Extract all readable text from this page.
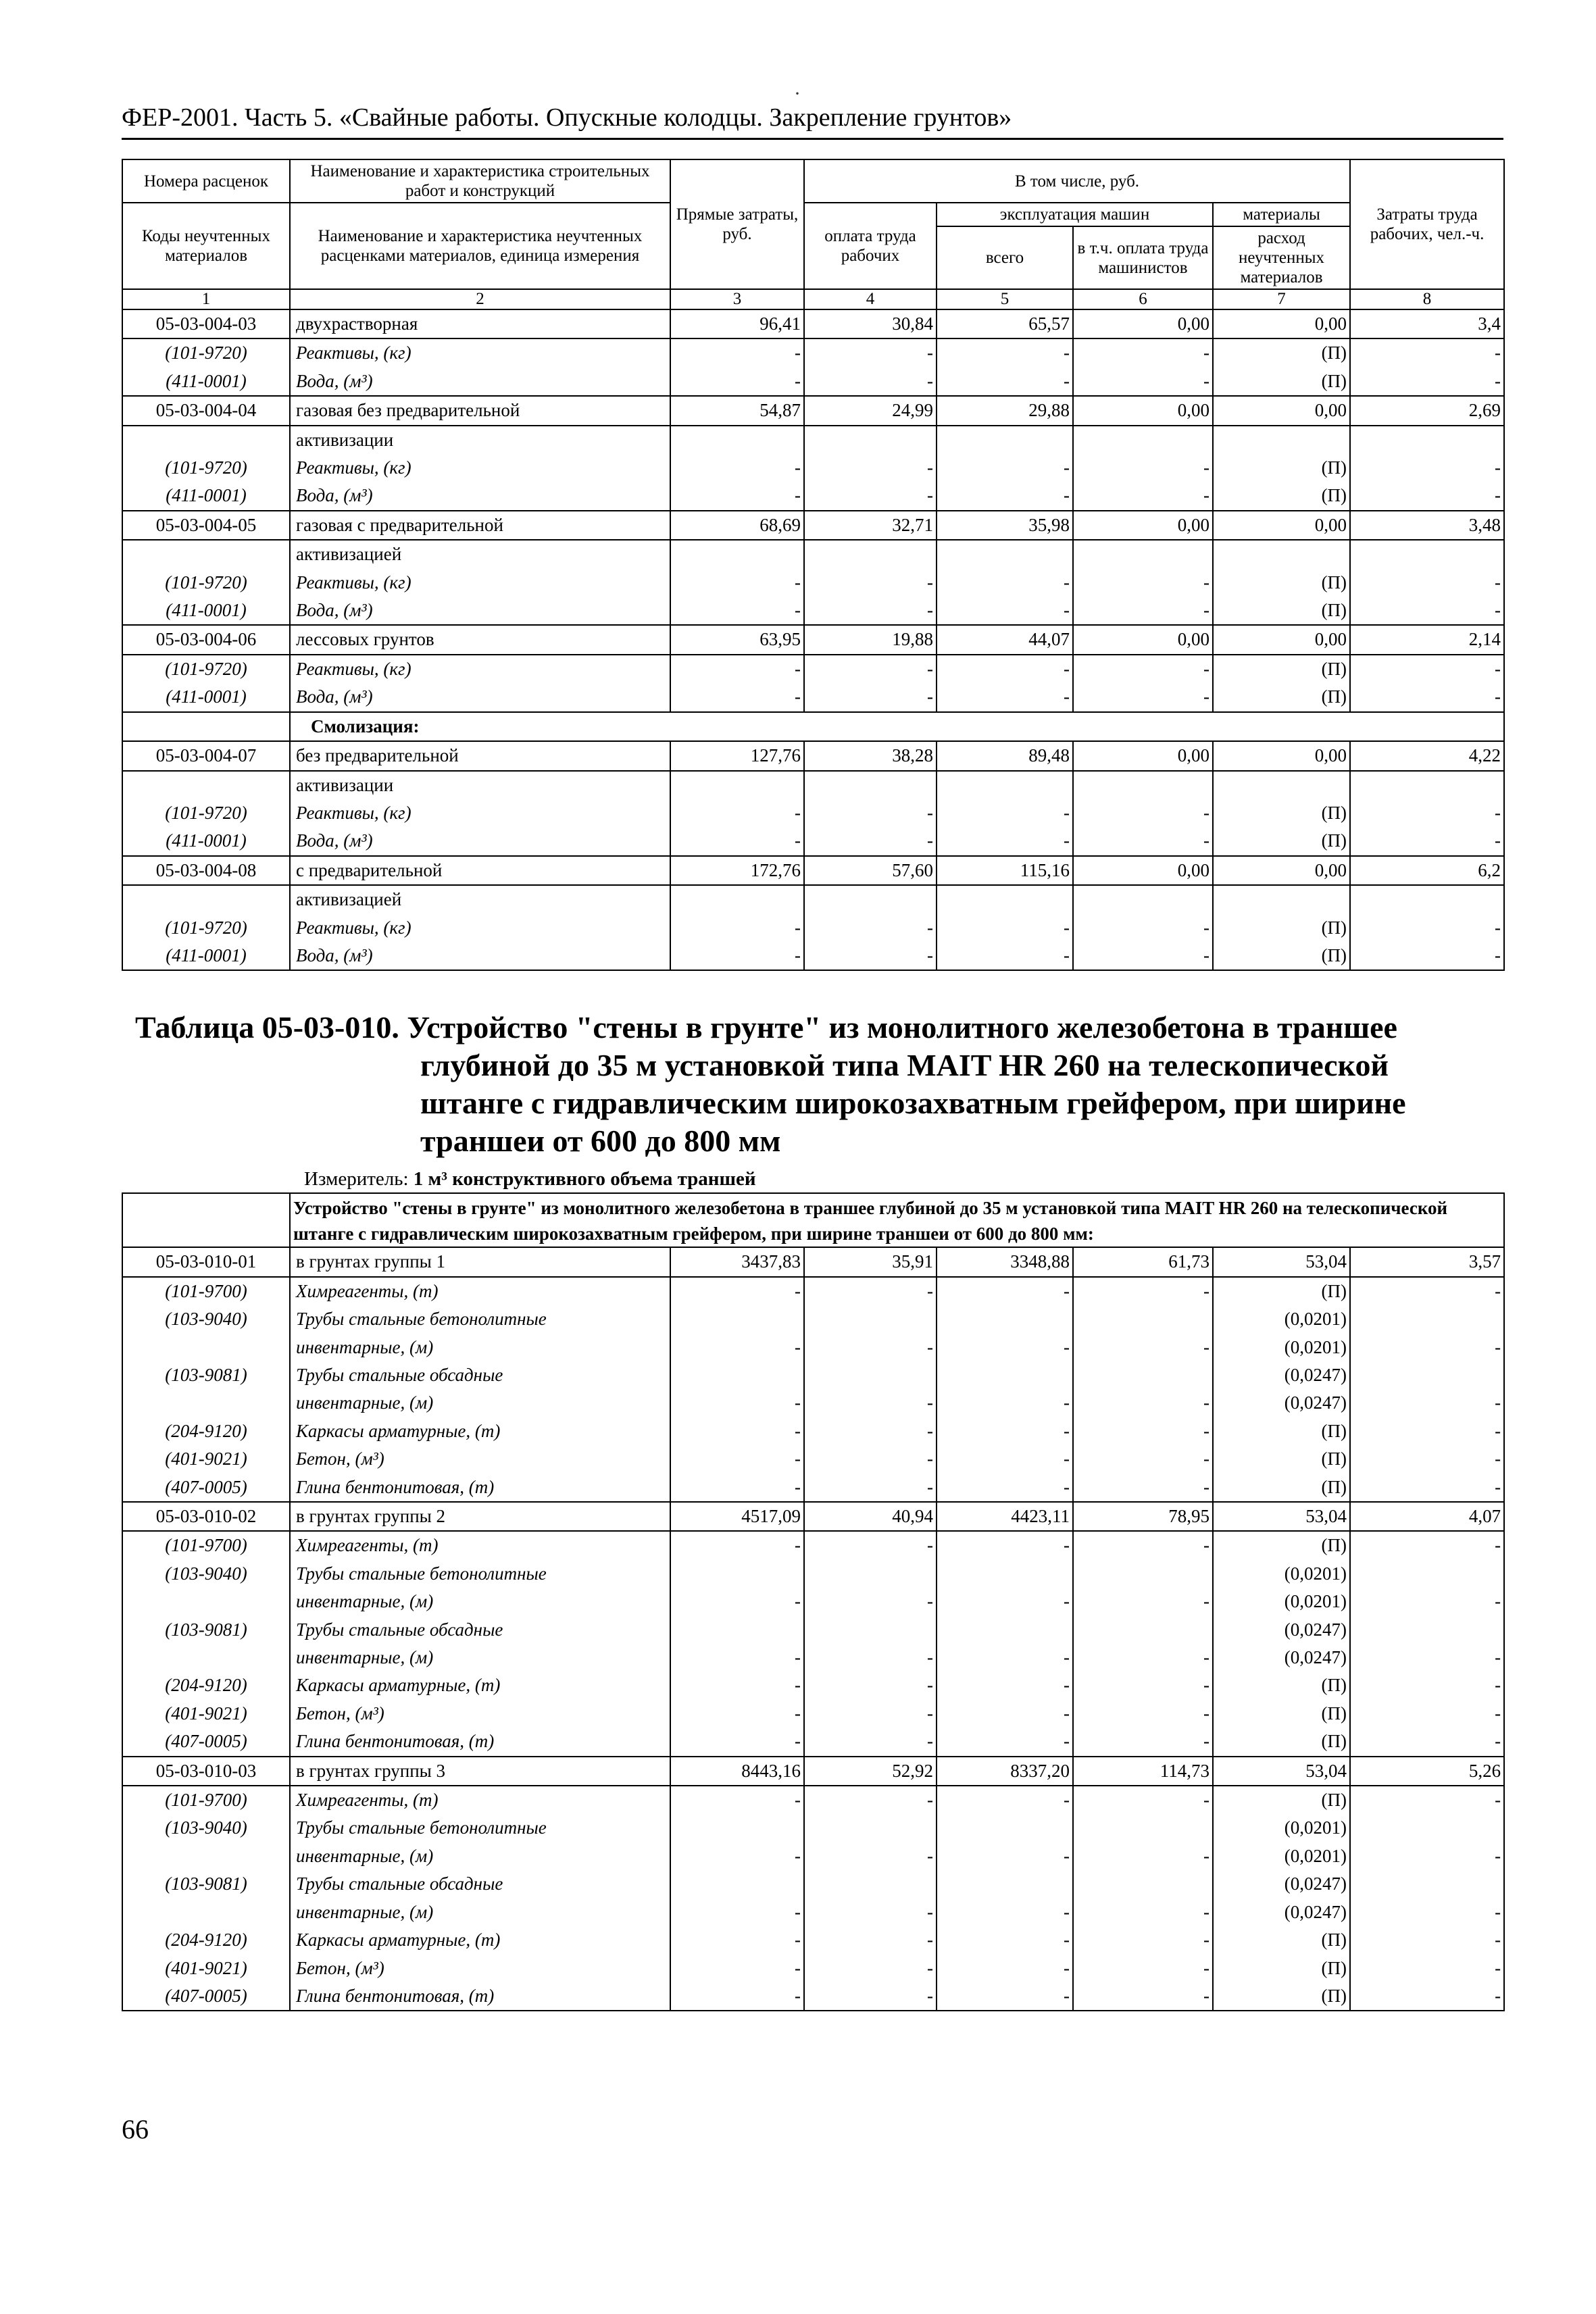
·
ФЕР-2001. Часть 5. «Свайные работы. Опускные колодцы. Закрепление грунтов»
Номера расценок	Наименование и характеристика строительных работ и конструкций	Прямые затраты, руб.	В том числе, руб.				Затраты труда рабочих, чел.-ч.
Коды неучтенных материалов	Наименование и характеристика неучтенных расценками материалов, единица измерения		оплата труда рабочих	эксплуатация машин		материалы	
				всего	в т.ч. оплата труда машинистов	расход неучтенных материалов	
1	2	3	4	5	6	7	8
05-03-004-03	двухрастворная	96,41	30,84	65,57	0,00	0,00	3,4
(101-9720)	Реактивы, (кг)	-	-	-	-	(П)	-
(411-0001)	Вода, (м³)	-	-	-	-	(П)	-
05-03-004-04	газовая без предварительной	54,87	24,99	29,88	0,00	0,00	2,69
	активизации						
(101-9720)	Реактивы, (кг)	-	-	-	-	(П)	-
(411-0001)	Вода, (м³)	-	-	-	-	(П)	-
05-03-004-05	газовая с предварительной	68,69	32,71	35,98	0,00	0,00	3,48
	активизацией						
(101-9720)	Реактивы, (кг)	-	-	-	-	(П)	-
(411-0001)	Вода, (м³)	-	-	-	-	(П)	-
05-03-004-06	лессовых грунтов	63,95	19,88	44,07	0,00	0,00	2,14
(101-9720)	Реактивы, (кг)	-	-	-	-	(П)	-
(411-0001)	Вода, (м³)	-	-	-	-	(П)	-
	Смолизация:						
05-03-004-07	без предварительной	127,76	38,28	89,48	0,00	0,00	4,22
	активизации						
(101-9720)	Реактивы, (кг)	-	-	-	-	(П)	-
(411-0001)	Вода, (м³)	-	-	-	-	(П)	-
05-03-004-08	с предварительной	172,76	57,60	115,16	0,00	0,00	6,2
	активизацией						
(101-9720)	Реактивы, (кг)	-	-	-	-	(П)	-
(411-0001)	Вода, (м³)	-	-	-	-	(П)	-
Таблица 05-03-010. Устройство "стены в грунте" из монолитного железобетона в траншее
глубиной до 35 м установкой типа MAIT HR 260 на телескопической
штанге с гидравлическим широкозахватным грейфером, при ширине
траншеи от 600 до 800 мм
Измеритель: 1 м³ конструктивного объема траншей
	Устройство "стены в грунте" из монолитного железобетона в траншее глубиной до 35 м установкой типа MAIT HR 260 на телескопической штанге с гидравлическим широкозахватным грейфером, при ширине траншеи от 600 до 800 мм:						
05-03-010-01	в грунтах группы 1	3437,83	35,91	3348,88	61,73	53,04	3,57
(101-9700)	Химреагенты, (т)	-	-	-	-	(П)	-
(103-9040)	Трубы стальные бетонолитные					(0,0201)	
	инвентарные, (м)	-	-	-	-	(0,0201)	-
(103-9081)	Трубы стальные обсадные					(0,0247)	
	инвентарные, (м)	-	-	-	-	(0,0247)	-
(204-9120)	Каркасы арматурные, (т)	-	-	-	-	(П)	-
(401-9021)	Бетон, (м³)	-	-	-	-	(П)	-
(407-0005)	Глина бентонитовая, (т)	-	-	-	-	(П)	-
05-03-010-02	в грунтах группы 2	4517,09	40,94	4423,11	78,95	53,04	4,07
(101-9700)	Химреагенты, (т)	-	-	-	-	(П)	-
(103-9040)	Трубы стальные бетонолитные					(0,0201)	
	инвентарные, (м)	-	-	-	-	(0,0201)	-
(103-9081)	Трубы стальные обсадные					(0,0247)	
	инвентарные, (м)	-	-	-	-	(0,0247)	-
(204-9120)	Каркасы арматурные, (т)	-	-	-	-	(П)	-
(401-9021)	Бетон, (м³)	-	-	-	-	(П)	-
(407-0005)	Глина бентонитовая, (т)	-	-	-	-	(П)	-
05-03-010-03	в грунтах группы 3	8443,16	52,92	8337,20	114,73	53,04	5,26
(101-9700)	Химреагенты, (т)	-	-	-	-	(П)	-
(103-9040)	Трубы стальные бетонолитные					(0,0201)	
	инвентарные, (м)	-	-	-	-	(0,0201)	-
(103-9081)	Трубы стальные обсадные					(0,0247)	
	инвентарные, (м)	-	-	-	-	(0,0247)	-
(204-9120)	Каркасы арматурные, (т)	-	-	-	-	(П)	-
(401-9021)	Бетон, (м³)	-	-	-	-	(П)	-
(407-0005)	Глина бентонитовая, (т)	-	-	-	-	(П)	-
66
